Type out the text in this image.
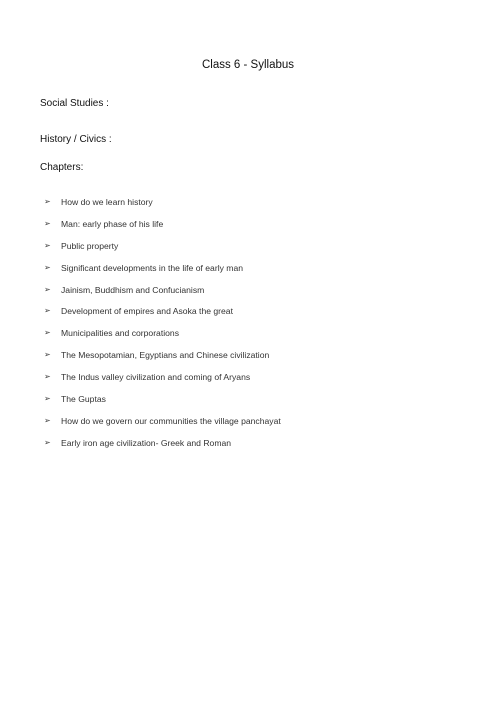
Class 6 - Syllabus
Social Studies :
History / Civics :
Chapters:
➢	How do we learn history
➢	Man: early phase of his life
➢	Public property
➢	Significant developments in the life of early man
➢	Jainism, Buddhism and Confucianism
➢	Development of empires and Asoka the great
➢	Municipalities and corporations
➢	The Mesopotamian, Egyptians and Chinese civilization
➢	The Indus valley civilization and coming of Aryans
➢	The Guptas
➢	How do we govern our communities the village panchayat
➢	Early iron age civilization- Greek and Roman
